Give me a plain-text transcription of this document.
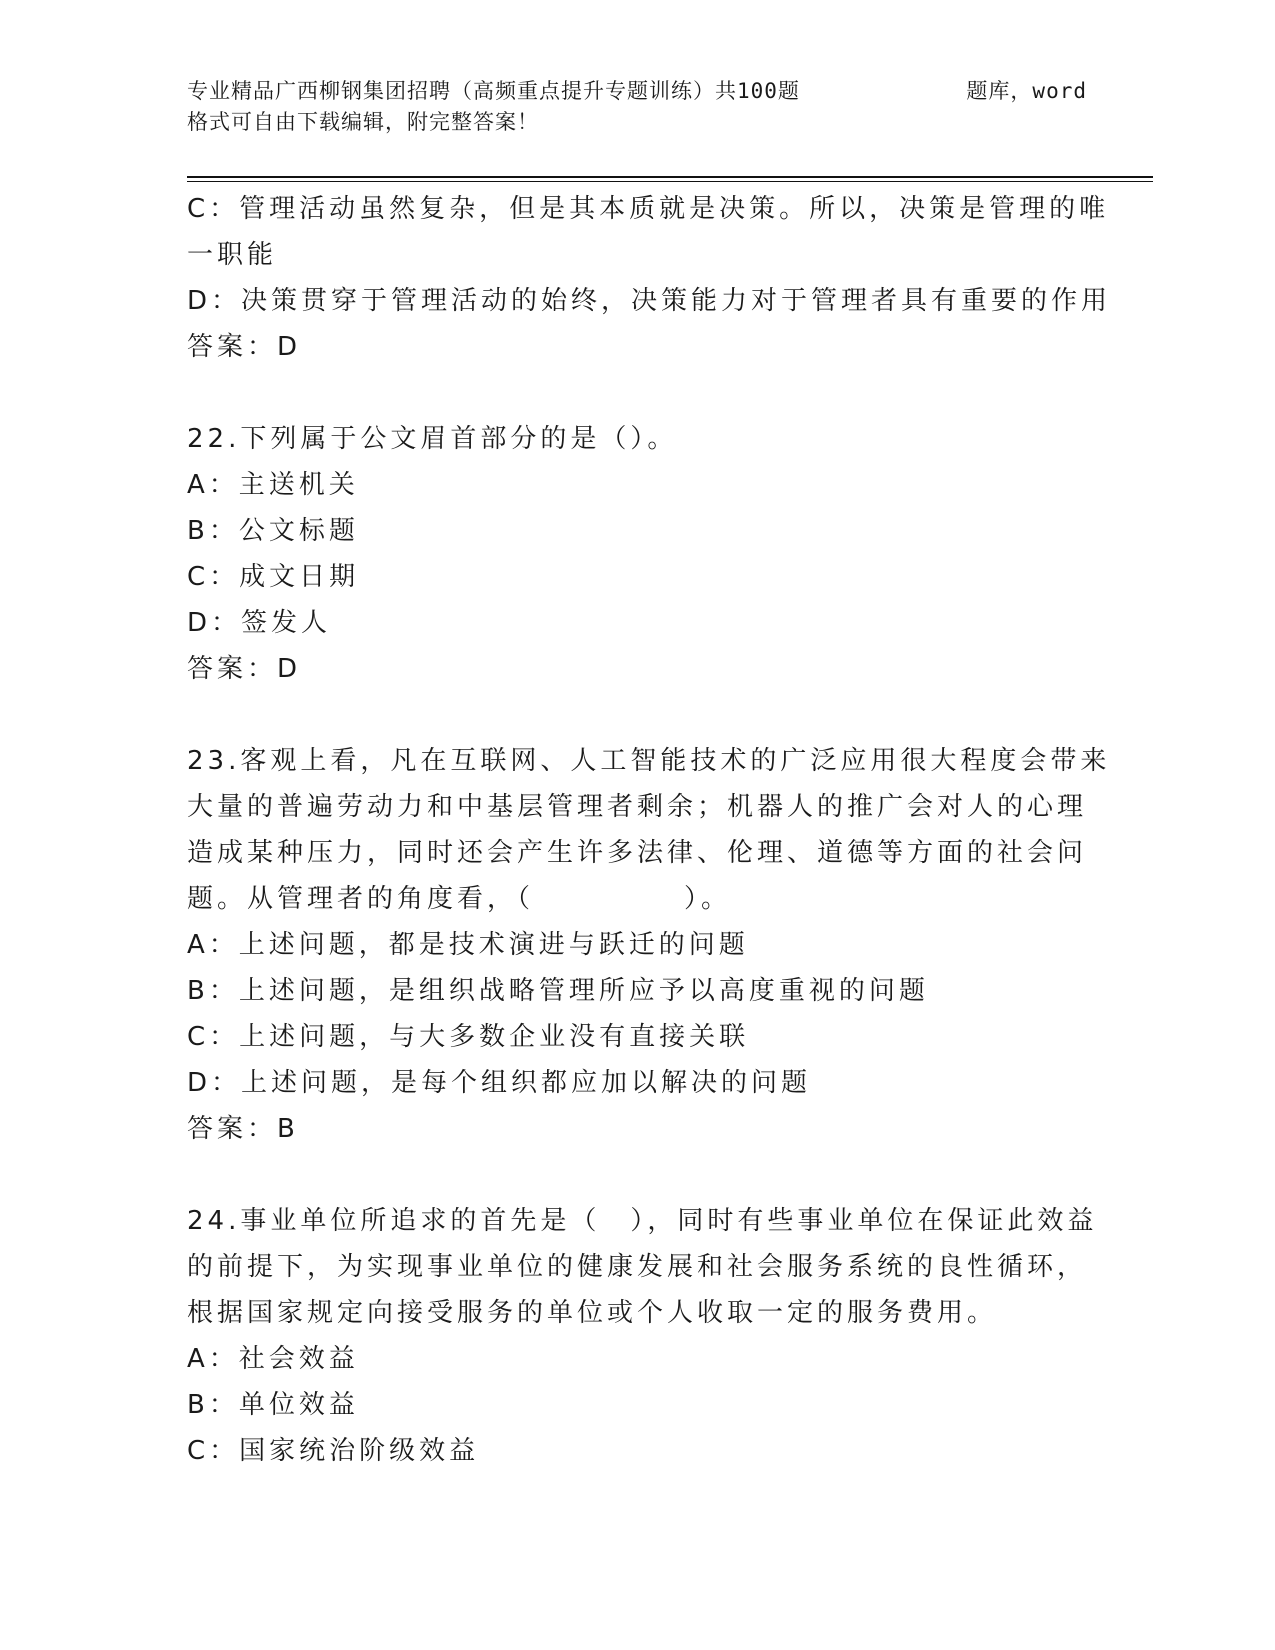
专业精品广西柳钢集团招聘（高频重点提升专题训练）共100题	题库，word
格式可自由下载编辑，附完整答案！

C：管理活动虽然复杂，但是其本质就是决策。所以，决策是管理的唯

一职能

D：决策贯穿于管理活动的始终，决策能力对于管理者具有重要的作用

答案：D

22.下列属于公文眉首部分的是（）。

A：主送机关

B：公文标题

C：成文日期

D：签发人

答案：D

23.客观上看，凡在互联网、人工智能技术的广泛应用很大程度会带来

大量的普遍劳动力和中基层管理者剩余；机器人的推广会对人的心理

造成某种压力，同时还会产生许多法律、伦理、道德等方面的社会问

题。从管理者的角度看，（　　　　　）。

A：上述问题，都是技术演进与跃迁的问题

B：上述问题，是组织战略管理所应予以高度重视的问题

C：上述问题，与大多数企业没有直接关联

D：上述问题，是每个组织都应加以解决的问题

答案：B

24.事业单位所追求的首先是（　），同时有些事业单位在保证此效益

的前提下，为实现事业单位的健康发展和社会服务系统的良性循环，

根据国家规定向接受服务的单位或个人收取一定的服务费用。

A：社会效益

B：单位效益

C：国家统治阶级效益
